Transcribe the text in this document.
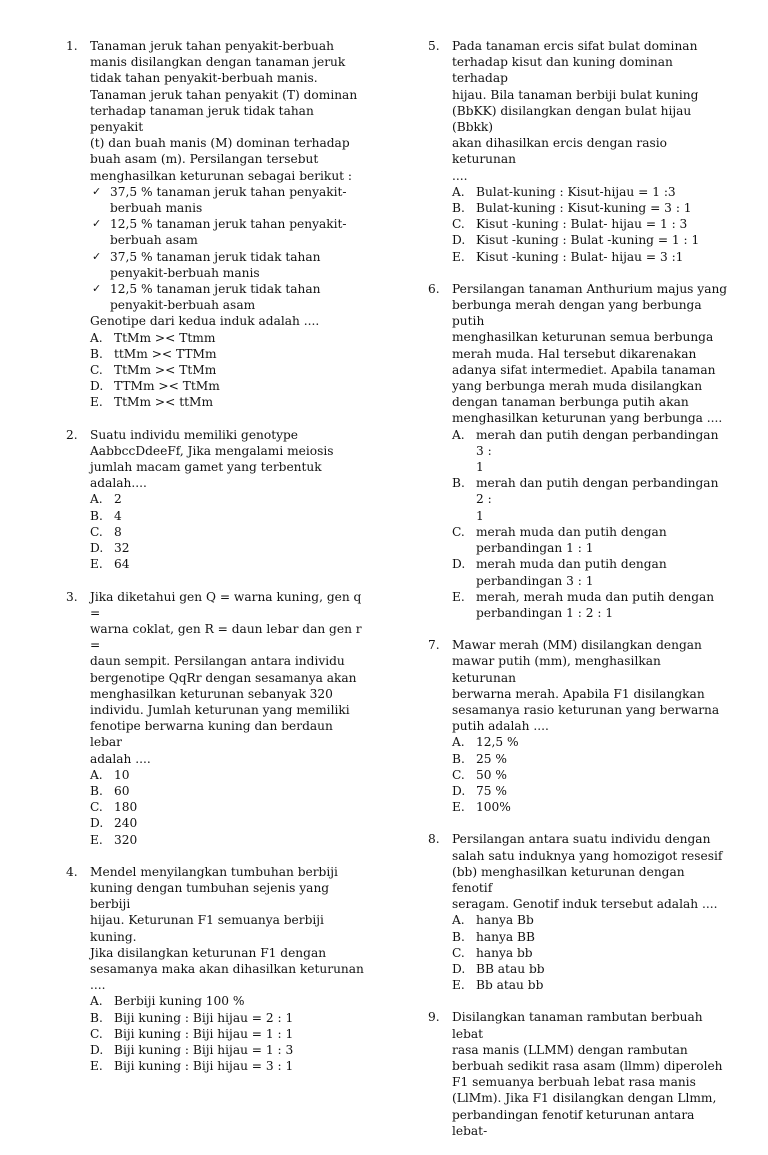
1. Tanaman jeruk tahan penyakit-berbuah
manis disilangkan dengan tanaman jeruk
tidak tahan penyakit-berbuah manis.
Tanaman jeruk tahan penyakit (T) dominan
terhadap tanaman jeruk tidak tahan penyakit
(t) dan buah manis (M) dominan terhadap
buah asam (m). Persilangan tersebut
menghasilkan keturunan sebagai berikut :
✓ 37,5 % tanaman jeruk tahan penyakit-
berbuah manis
✓ 12,5 % tanaman jeruk tahan penyakit-
berbuah asam
✓ 37,5 % tanaman jeruk tidak tahan
penyakit-berbuah manis
✓ 12,5 % tanaman jeruk tidak tahan
penyakit-berbuah asam
Genotipe dari kedua induk adalah ....
A. TtMm >< Ttmm
B. ttMm >< TTMm
C. TtMm >< TtMm
D. TTMm >< TtMm
E. TtMm >< ttMm
2. Suatu individu memiliki genotype
AabbccDdeeFf, Jika mengalami meiosis
jumlah macam gamet yang terbentuk
adalah....
A. 2
B. 4
C. 8
D. 32
E. 64
3. Jika diketahui gen Q = warna kuning, gen q =
warna coklat, gen R = daun lebar dan gen r =
daun sempit. Persilangan antara individu
bergenotipe QqRr dengan sesamanya akan
menghasilkan keturunan sebanyak 320
individu. Jumlah keturunan yang memiliki
fenotipe berwarna kuning dan berdaun lebar
adalah ....
A. 10
B. 60
C. 180
D. 240
E. 320
4. Mendel menyilangkan tumbuhan berbiji
kuning dengan tumbuhan sejenis yang berbiji
hijau. Keturunan F1 semuanya berbiji kuning.
Jika disilangkan keturunan F1 dengan
sesamanya maka akan dihasilkan keturunan
....
A. Berbiji kuning 100 %
B. Biji kuning : Biji hijau = 2 : 1
C. Biji kuning : Biji hijau = 1 : 1
D. Biji kuning : Biji hijau = 1 : 3
E. Biji kuning : Biji hijau = 3 : 1
5. Pada tanaman ercis sifat bulat dominan
terhadap kisut dan kuning dominan terhadap
hijau. Bila tanaman berbiji bulat kuning
(BbKK) disilangkan dengan bulat hijau (Bbkk)
akan dihasilkan ercis dengan rasio keturunan
....
A. Bulat-kuning : Kisut-hijau = 1 :3
B. Bulat-kuning : Kisut-kuning = 3 : 1
C. Kisut -kuning : Bulat- hijau = 1 : 3
D. Kisut -kuning : Bulat -kuning = 1 : 1
E. Kisut -kuning : Bulat- hijau = 3 :1
6. Persilangan tanaman Anthurium majus yang
berbunga merah dengan yang berbunga putih
menghasilkan keturunan semua berbunga
merah muda. Hal tersebut dikarenakan
adanya sifat intermediet. Apabila tanaman
yang berbunga merah muda disilangkan
dengan tanaman berbunga putih akan
menghasilkan keturunan yang berbunga ....
A. merah dan putih dengan perbandingan 3 :
1
B. merah dan putih dengan perbandingan 2 :
1
C. merah muda dan putih dengan
perbandingan 1 : 1
D. merah muda dan putih dengan
perbandingan 3 : 1
E. merah, merah muda dan putih dengan
perbandingan 1 : 2 : 1
7. Mawar merah (MM) disilangkan dengan
mawar putih (mm), menghasilkan keturunan
berwarna merah. Apabila F1 disilangkan
sesamanya rasio keturunan yang berwarna
putih adalah ....
A. 12,5 %
B. 25 %
C. 50 %
D. 75 %
E. 100%
8. Persilangan antara suatu individu dengan
salah satu induknya yang homozigot resesif
(bb) menghasilkan keturunan dengan fenotif
seragam. Genotif induk tersebut adalah ....
A. hanya Bb
B. hanya BB
C. hanya bb
D. BB atau bb
E. Bb atau bb
9. Disilangkan tanaman rambutan berbuah lebat
rasa manis (LLMM) dengan rambutan
berbuah sedikit rasa asam (llmm) diperoleh
F1 semuanya berbuah lebat rasa manis
(LlMm). Jika F1 disilangkan dengan Llmm,
perbandingan fenotif keturunan antara lebat-
